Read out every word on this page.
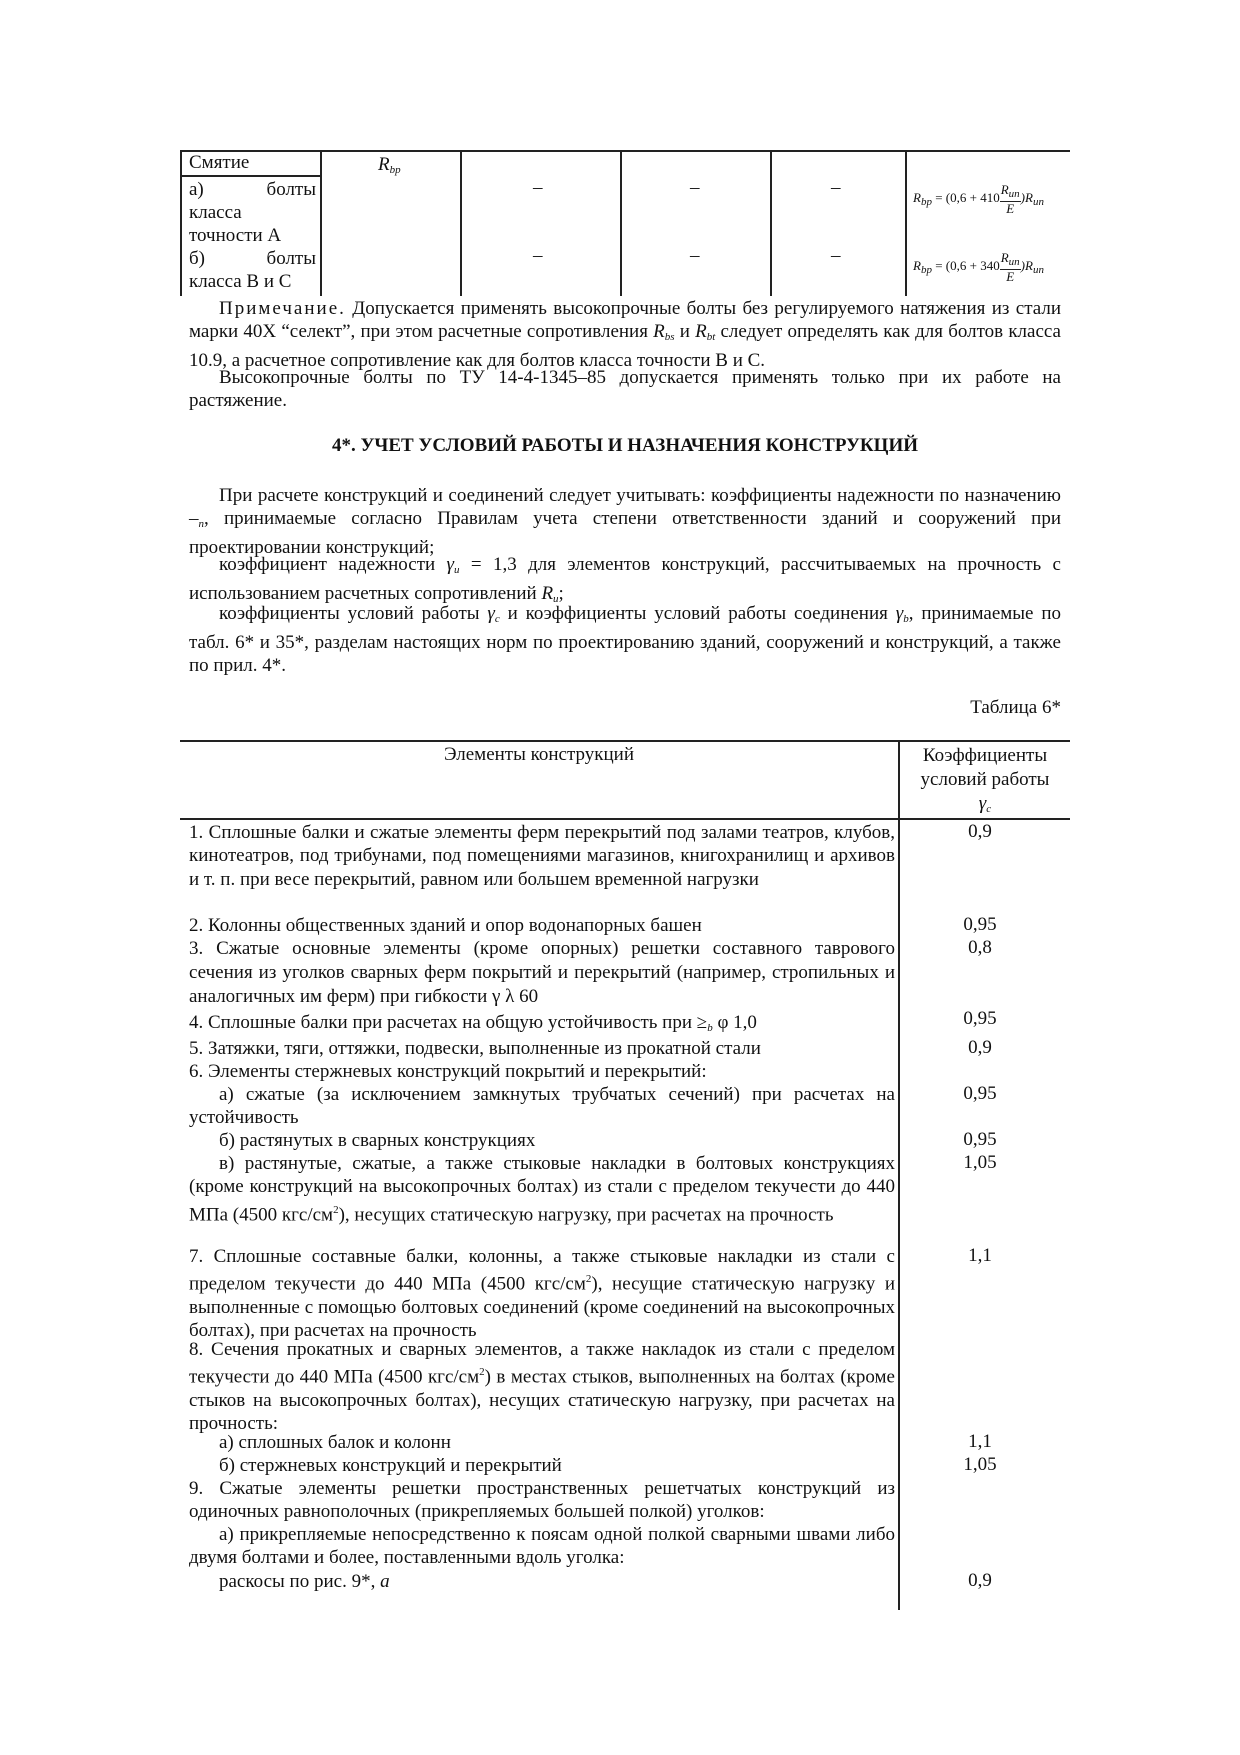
Смятие	$R_{bp}$
а)	болты
класса
точности А
–	–	–	$R_{bp} = (0,6 + 410 \frac{R_{un}}{E} )R_{un}$
б)	болты
класса В и С
–	–	–	$R_{bp} = (0,6 + 340 \frac{R_{un}}{E} )R_{un}$
Примечание. Допускается применять высокопрочные болты без регулируемого натяжения из стали марки 40Х “селект”, при этом расчетные сопротивления $R_{bs}$ и $R_{bt}$ следует определять как для болтов класса 10.9, а расчетное сопротивление как для болтов класса точности В и С.
Высокопрочные болты по ТУ 14-4-1345–85 допускается применять только при их работе на растяжение.
4*. УЧЕТ УСЛОВИЙ РАБОТЫ И НАЗНАЧЕНИЯ КОНСТРУКЦИЙ
При расчете конструкций и соединений следует учитывать: коэффициенты надежности по назначению $-_n$, принимаемые согласно Правилам учета степени ответственности зданий и сооружений при проектировании конструкций;
коэффициент надежности $\gamma_u = 1,3$ для элементов конструкций, рассчитываемых на прочность с использованием расчетных сопротивлений $R_u$;
коэффициенты условий работы $\gamma_c$ и коэффициенты условий работы соединения $\gamma_b$, принимаемые по табл. 6* и 35*, разделам настоящих норм по проектированию зданий, сооружений и конструкций, а также по прил. 4*.
Таблица 6*
Элементы конструкций	Коэффициенты
условий работы
$\gamma_c$
1. Сплошные балки и сжатые элементы ферм перекрытий под залами театров, клубов, кинотеатров, под трибунами, под помещениями магазинов, книгохранилищ и архивов и т. п. при весе перекрытий, равном или большем временной нагрузки
0,9
2. Колонны общественных зданий и опор водонапорных башен	0,95
3. Сжатые основные элементы (кроме опорных) решетки составного таврового сечения из уголков сварных ферм покрытий и перекрытий (например, стропильных и аналогичных им ферм) при гибкости γ λ 60
0,8
4. Сплошные балки при расчетах на общую устойчивость при $\ge_b$ φ 1,0	0,95
5. Затяжки, тяги, оттяжки, подвески, выполненные из прокатной стали	0,9
6. Элементы стержневых конструкций покрытий и перекрытий:
а) сжатые (за исключением замкнутых трубчатых сечений) при расчетах на устойчивость
0,95
б) растянутых в сварных конструкциях	0,95
в) растянутые, сжатые, а также стыковые накладки в болтовых конструкциях (кроме конструкций на высокопрочных болтах) из стали с пределом текучести до 440 МПа (4500 кгс/$см^2$), несущих статическую нагрузку, при расчетах на прочность
1,05
7. Сплошные составные балки, колонны, а также стыковые накладки из стали с пределом текучести до 440 МПа (4500 кгс/$см^2$), несущие статическую нагрузку и выполненные с помощью болтовых соединений (кроме соединений на высокопрочных болтах), при расчетах на прочность
1,1
8. Сечения прокатных и сварных элементов, а также накладок из стали с пределом текучести до 440 МПа (4500 кгс/$см^2$) в местах стыков, выполненных на болтах (кроме стыков на высокопрочных болтах), несущих статическую нагрузку, при расчетах на прочность:
а) сплошных балок и колонн	1,1
б) стержневых конструкций и перекрытий	1,05
9. Сжатые элементы решетки пространственных решетчатых конструкций из одиночных равнополочных (прикрепляемых большей полкой) уголков:
а) прикрепляемые непосредственно к поясам одной полкой сварными швами либо двумя болтами и более, поставленными вдоль уголка:
раскосы по рис. 9*, а	0,9
